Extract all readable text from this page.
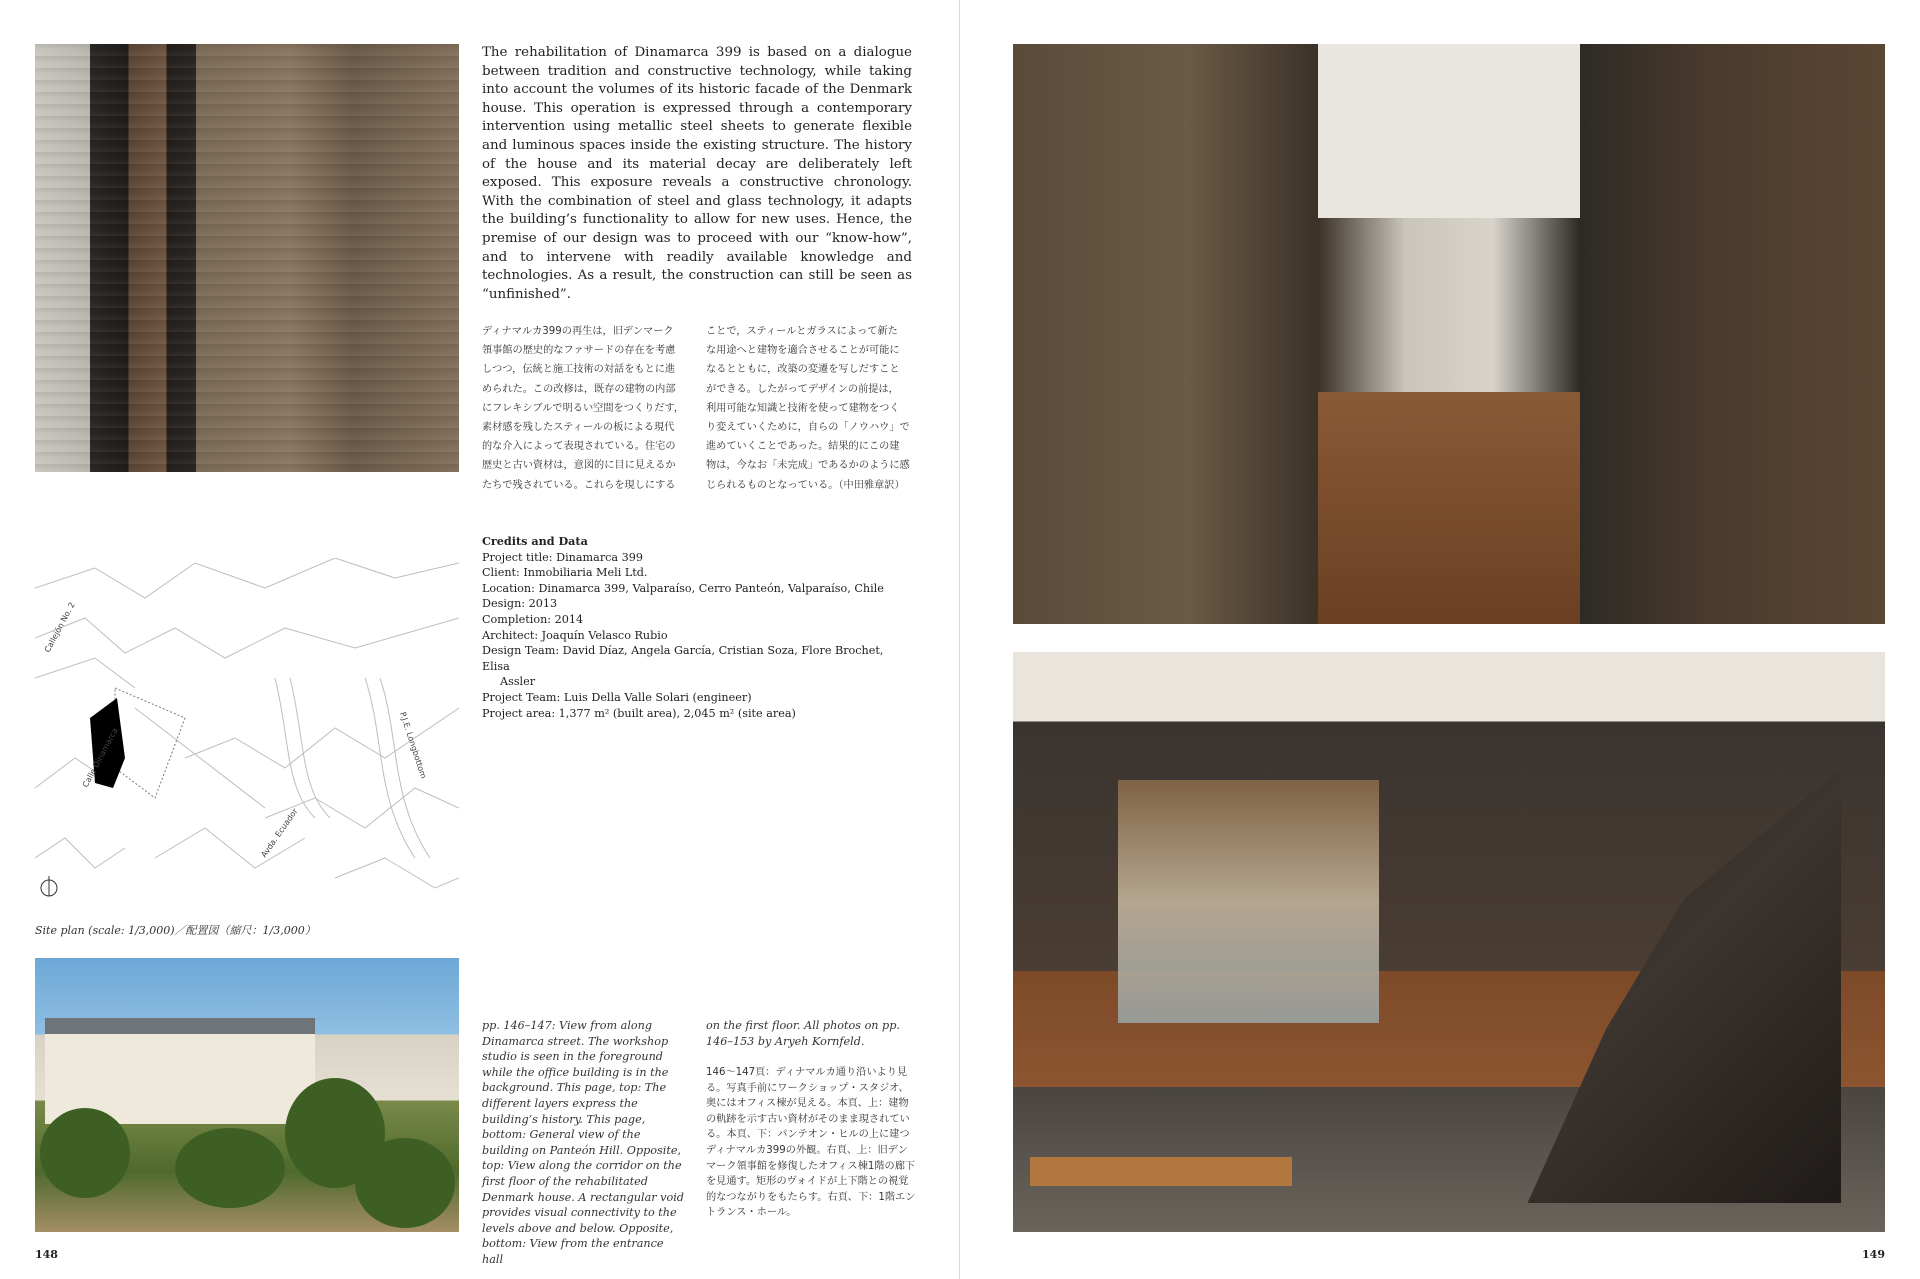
Callejón No. 2
Calle Dinamarca
Avda. Ecuador
P.J.E. Longbottom
Site plan (scale: 1/3,000)／配置図（縮尺：1/3,000）
The rehabilitation of Dinamarca 399 is based on a dialogue between tradition and constructive technology, while taking into account the volumes of its historic facade of the Denmark house. This operation is expressed through a contemporary intervention using metallic steel sheets to generate flexible and luminous spaces inside the existing structure. The history of the house and its material decay are deliberately left exposed. This exposure reveals a constructive chronology. With the combination of steel and glass technology, it adapts the building’s functionality to allow for new uses. Hence, the premise of our design was to proceed with our “know-how”, and to intervene with readily available knowledge and technologies. As a result, the construction can still be seen as “unfinished”.
ディナマルカ399の再生は，旧デンマーク
領事館の歴史的なファサードの存在を考慮
しつつ，伝統と施工技術の対話をもとに進
められた。この改修は，既存の建物の内部
にフレキシブルで明るい空間をつくりだす，
素材感を残したスティールの板による現代
的な介入によって表現されている。住宅の
歴史と古い資材は，意図的に目に見えるか
たちで残されている。これらを現しにする
ことで，スティールとガラスによって新た
な用途へと建物を適合させることが可能に
なるとともに，改築の変遷を写しだすこと
ができる。したがってデザインの前提は，
利用可能な知識と技術を使って建物をつく
り変えていくために，自らの「ノウハウ」で
進めていくことであった。結果的にこの建
物は，今なお「未完成」であるかのように感
じられるものとなっている。（中田雅章訳）
Credits and Data
Project title: Dinamarca 399
Client: Inmobiliaria Meli Ltd.
Location: Dinamarca 399, Valparaíso, Cerro Panteón, Valparaíso, Chile
Design: 2013
Completion: 2014
Architect: Joaquín Velasco Rubio
Design Team: David Díaz, Angela García, Cristian Soza, Flore Brochet, Elisa
Assler
Project Team: Luis Della Valle Solari (engineer)
Project area: 1,377 m² (built area), 2,045 m² (site area)
pp. 146–147: View from along Dinamarca street. The workshop studio is seen in the foreground while the office building is in the background. This page, top: The different layers express the building’s history. This page, bottom: General view of the building on Panteón Hill. Opposite, top: View along the corridor on the first floor of the rehabilitated Denmark house. A rectangular void provides visual connectivity to the levels above and below. Opposite, bottom: View from the entrance hall
on the first floor. All photos on pp. 146–153 by Aryeh Kornfeld.
146〜147頁：ディナマルカ通り沿いより見る。写真手前にワークショップ・スタジオ、奥にはオフィス棟が見える。本頁、上：建物の軌跡を示す古い資材がそのまま現されている。本頁、下：パンテオン・ヒルの上に建つディナマルカ399の外観。右頁、上：旧デンマーク領事館を修復したオフィス棟1階の廊下を見通す。矩形のヴォイドが上下階との視覚的なつながりをもたらす。右頁、下：1階エントランス・ホール。
148	149
